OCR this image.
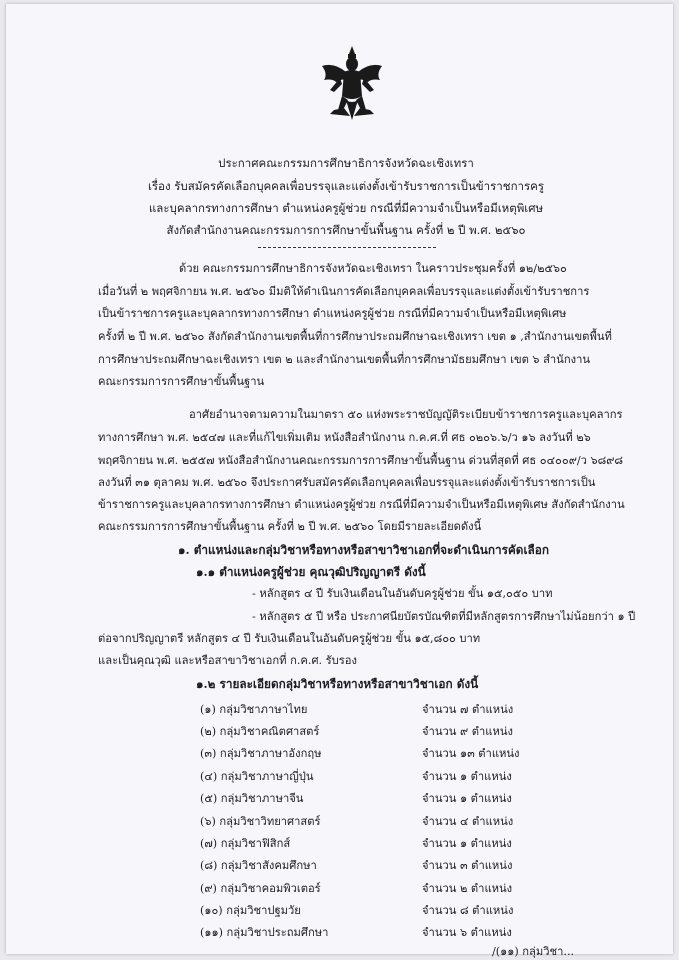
ประกาศคณะกรรมการศึกษาธิการจังหวัดฉะเชิงเทรา
เรื่อง รับสมัครคัดเลือกบุคคลเพื่อบรรจุและแต่งตั้งเข้ารับราชการเป็นข้าราชการครู
และบุคลากรทางการศึกษา ตำแหน่งครูผู้ช่วย กรณีที่มีความจำเป็นหรือมีเหตุพิเศษ
สังกัดสำนักงานคณะกรรมการการศึกษาขั้นพื้นฐาน ครั้งที่ ๒ ปี พ.ศ. ๒๕๖๐
ด้วย คณะกรรมการศึกษาธิการจังหวัดฉะเชิงเทรา ในคราวประชุมครั้งที่ ๑๒/๒๕๖๐
เมื่อวันที่ ๒ พฤศจิกายน พ.ศ. ๒๕๖๐ มีมติให้ดำเนินการคัดเลือกบุคคลเพื่อบรรจุและแต่งตั้งเข้ารับราชการ
เป็นข้าราชการครูและบุคลากรทางการศึกษา ตำแหน่งครูผู้ช่วย กรณีที่มีความจำเป็นหรือมีเหตุพิเศษ
ครั้งที่ ๒ ปี พ.ศ. ๒๕๖๐ สังกัดสำนักงานเขตพื้นที่การศึกษาประถมศึกษาฉะเชิงเทรา เขต ๑ ,สำนักงานเขตพื้นที่
การศึกษาประถมศึกษาฉะเชิงเทรา เขต ๒ และสำนักงานเขตพื้นที่การศึกษามัธยมศึกษา เขต ๖ สำนักงาน
คณะกรรมการการศึกษาขั้นพื้นฐาน
อาศัยอำนาจตามความในมาตรา ๕๐ แห่งพระราชบัญญัติระเบียบข้าราชการครูและบุคลากร
ทางการศึกษา พ.ศ. ๒๕๔๗ และที่แก้ไขเพิ่มเติม หนังสือสำนักงาน ก.ค.ศ.ที่ ศธ ๐๒๐๖.๖/ว ๑๖ ลงวันที่ ๒๖
พฤศจิกายน พ.ศ. ๒๕๕๗ หนังสือสำนักงานคณะกรรมการการศึกษาขั้นพื้นฐาน ด่วนที่สุดที่ ศธ ๐๔๐๐๙/ว ๖๘๙๘
ลงวันที่ ๓๑ ตุลาคม พ.ศ. ๒๕๖๐ จึงประกาศรับสมัครคัดเลือกบุคคลเพื่อบรรจุและแต่งตั้งเข้ารับราชการเป็น
ข้าราชการครูและบุคลากรทางการศึกษา ตำแหน่งครูผู้ช่วย กรณีที่มีความจำเป็นหรือมีเหตุพิเศษ สังกัดสำนักงาน
คณะกรรมการการศึกษาขั้นพื้นฐาน ครั้งที่ ๒ ปี พ.ศ. ๒๕๖๐ โดยมีรายละเอียดดังนี้
๑. ตำแหน่งและกลุ่มวิชาหรือทางหรือสาขาวิชาเอกที่จะดำเนินการคัดเลือก
๑.๑ ตำแหน่งครูผู้ช่วย คุณวุฒิปริญญาตรี ดังนี้
- หลักสูตร ๔ ปี รับเงินเดือนในอันดับครูผู้ช่วย ขั้น ๑๕,๐๕๐ บาท
- หลักสูตร ๕ ปี หรือ ประกาศนียบัตรบัณฑิตที่มีหลักสูตรการศึกษาไม่น้อยกว่า ๑ ปี
ต่อจากปริญญาตรี หลักสูตร ๔ ปี รับเงินเดือนในอันดับครูผู้ช่วย ขั้น ๑๕,๘๐๐ บาท
และเป็นคุณวุฒิ และหรือสาขาวิชาเอกที่ ก.ค.ศ. รับรอง
๑.๒ รายละเอียดกลุ่มวิชาหรือทางหรือสาขาวิชาเอก ดังนี้
(๑) กลุ่มวิชาภาษาไทย	จำนวน ๗ ตำแหน่ง
(๒) กลุ่มวิชาคณิตศาสตร์	จำนวน ๙ ตำแหน่ง
(๓) กลุ่มวิชาภาษาอังกฤษ	จำนวน ๑๓ ตำแหน่ง
(๔) กลุ่มวิชาภาษาญี่ปุ่น	จำนวน ๑ ตำแหน่ง
(๕) กลุ่มวิชาภาษาจีน	จำนวน ๑ ตำแหน่ง
(๖) กลุ่มวิชาวิทยาศาสตร์	จำนวน ๔ ตำแหน่ง
(๗) กลุ่มวิชาฟิสิกส์	จำนวน ๑ ตำแหน่ง
(๘) กลุ่มวิชาสังคมศึกษา	จำนวน ๓ ตำแหน่ง
(๙) กลุ่มวิชาคอมพิวเตอร์	จำนวน ๒ ตำแหน่ง
(๑๐) กลุ่มวิชาปฐมวัย	จำนวน ๘ ตำแหน่ง
(๑๑) กลุ่มวิชาประถมศึกษา	จำนวน ๖ ตำแหน่ง
/(๑๑) กลุ่มวิชา...
